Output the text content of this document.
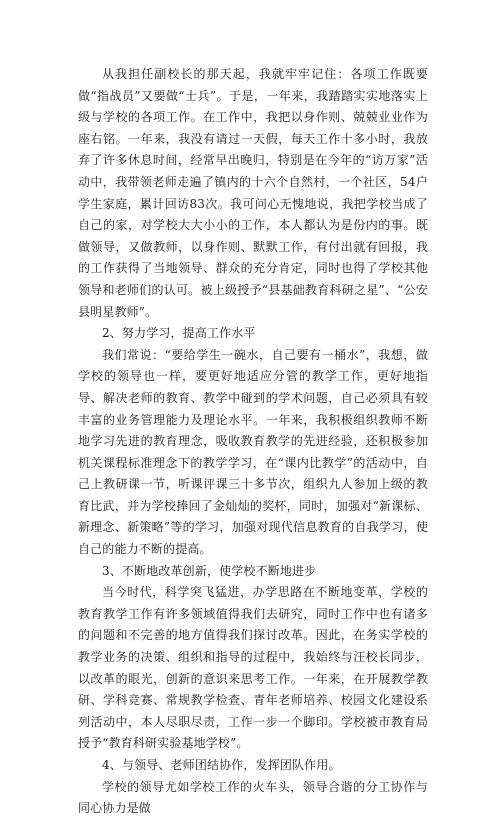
从我担任副校长的那天起，我就牢牢记住：各项工作既要做“指战员”又要做“士兵”。于是，一年来，我踏踏实实地落实上级与学校的各项工作。在工作中，我把以身作则、兢兢业业作为座右铭。一年来，我没有请过一天假，每天工作十多小时，我放弃了许多休息时间，经常早出晚归，特别是在今年的“访万家”活动中，我带领老师走遍了镇内的十六个自然村，一个社区，54户学生家庭，累计回访83次。我可问心无愧地说，我把学校当成了自己的家，对学校大大小小的工作，本人都认为是份内的事。既做领导，又做教师，以身作则、默默工作，有付出就有回报，我的工作获得了当地领导、群众的充分肯定，同时也得了学校其他领导和老师们的认可。被上级授予“县基础教育科研之星”、“公安县明星教师”。

2、努力学习，提高工作水平

我们常说：“要给学生一碗水，自己要有一桶水”，我想，做学校的领导也一样，要更好地适应分管的教学工作，更好地指导、解决老师的教育、教学中碰到的学术问题，自己必须具有较丰富的业务管理能力及理论水平。一年来，我积极组织教师不断地学习先进的教育理念，吸收教育教学的先进经验，还积极参加机关课程标准理念下的教学学习，在“课内比教学”的活动中，自己上教研课一节，听课评课三十多节次，组织九人参加上级的教育比武，并为学校捧回了金灿灿的奖杯，同时，加强对“新课标、新理念、新策略”等的学习，加强对现代信息教育的自我学习，使自己的能力不断的提高。

3、不断地改革创新，使学校不断地进步

当今时代，科学突飞猛进，办学思路在不断地变革，学校的教育教学工作有许多领域值得我们去研究，同时工作中也有诸多的问题和不完善的地方值得我们探讨改革。因此，在务实学校的教学业务的决策、组织和指导的过程中，我始终与汪校长同步，以改革的眼光，创新的意识来思考工作。一年来，在开展教学教研、学科竞赛、常规教学检查、青年老师培养、校园文化建设系列活动中，本人尽职尽责，工作一步一个脚印。学校被市教育局授予“教育科研实验基地学校”。

4、与领导、老师团结协作，发挥团队作用。

学校的领导尤如学校工作的火车头，领导合谐的分工协作与同心协力是做
